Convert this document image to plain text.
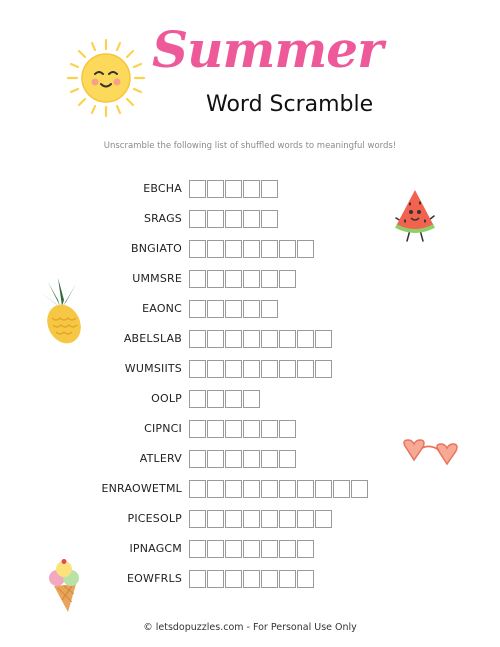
Summer
Word Scramble
Unscramble the following list of shuffled words to meaningful words!
EBCHA
SRAGS
BNGIATO
UMMSRE
EAONC
ABELSLAB
WUMSIITS
OOLP
CIPNCI
ATLERV
ENRAOWETML
PICESOLP
IPNAGCM
EOWFRLS
© letsdopuzzles.com - For Personal Use Only
